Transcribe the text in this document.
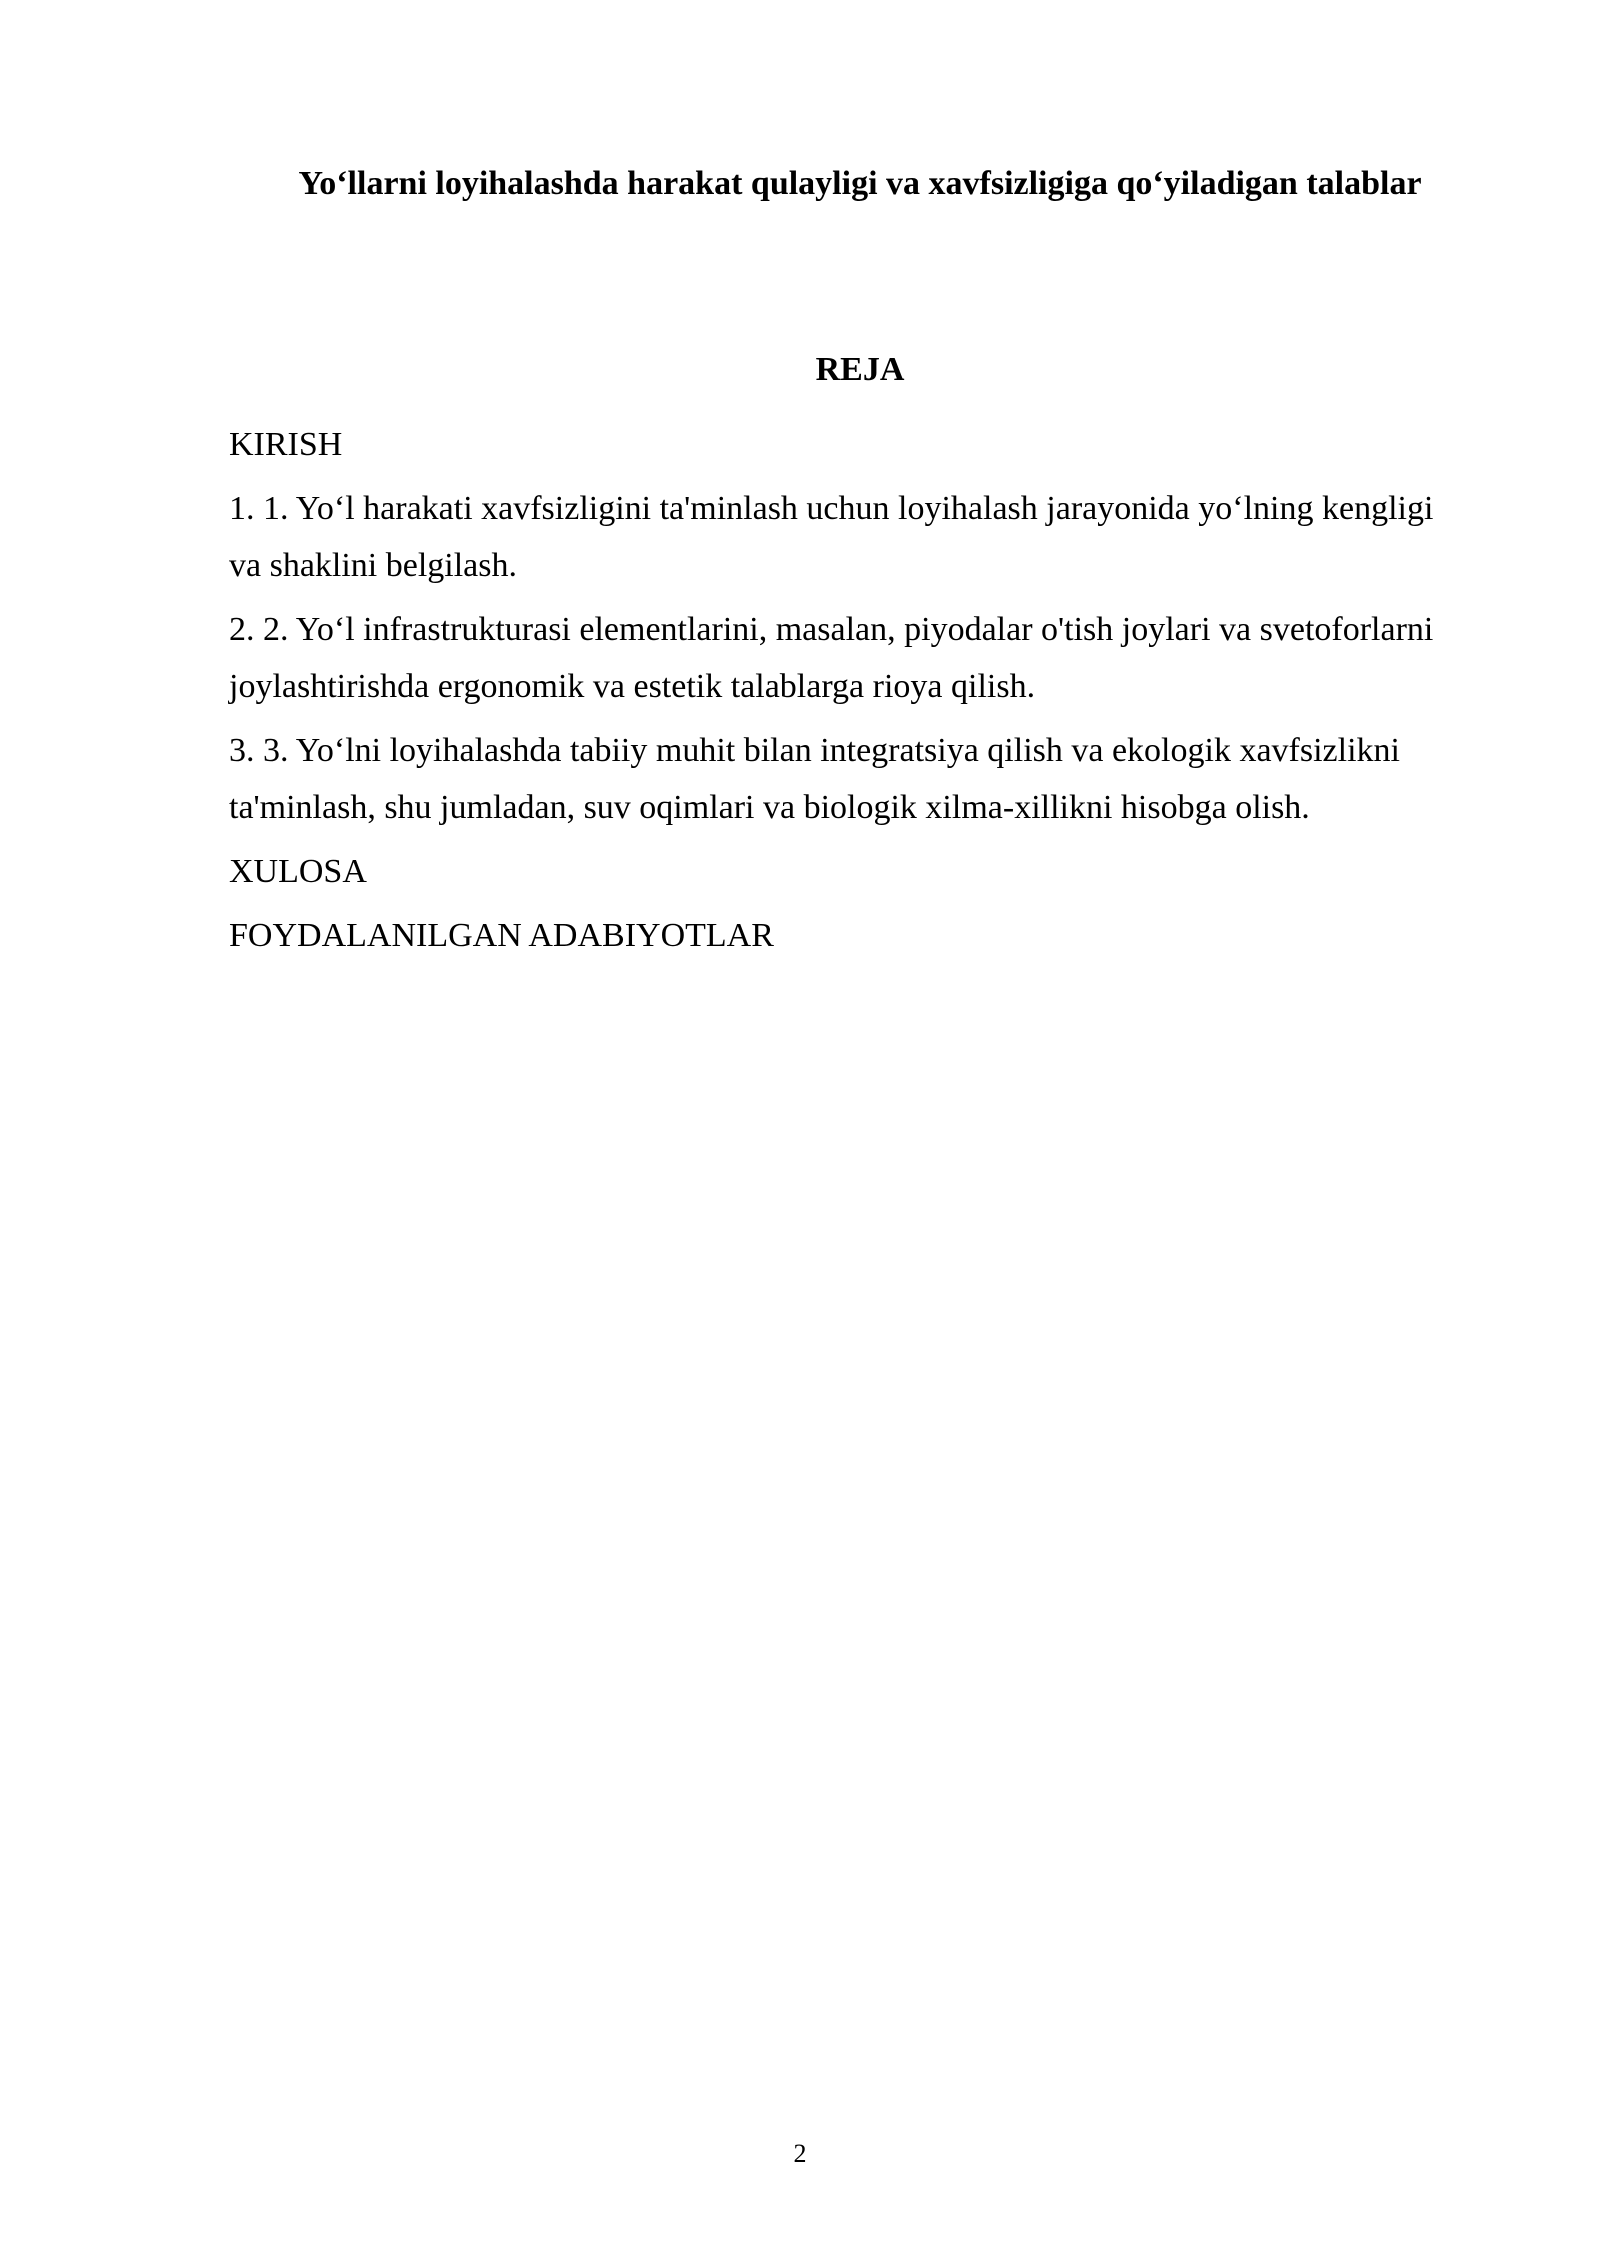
Yo‘llarni loyihalashda harakat qulayligi va xavfsizligiga qo‘yiladigan talablar
REJA
KIRISH
1. 1. Yo‘l harakati xavfsizligini ta'minlash uchun loyihalash jarayonida yo‘lning kengligi va shaklini belgilash.
2. 2. Yo‘l infrastrukturasi elementlarini, masalan, piyodalar o'tish joylari va svetoforlarni joylashtirishda ergonomik va estetik talablarga rioya qilish.
3. 3. Yo‘lni loyihalashda tabiiy muhit bilan integratsiya qilish va ekologik xavfsizlikni ta'minlash, shu jumladan, suv oqimlari va biologik xilma-xillikni hisobga olish.
XULOSA
FOYDALANILGAN ADABIYOTLAR
2
